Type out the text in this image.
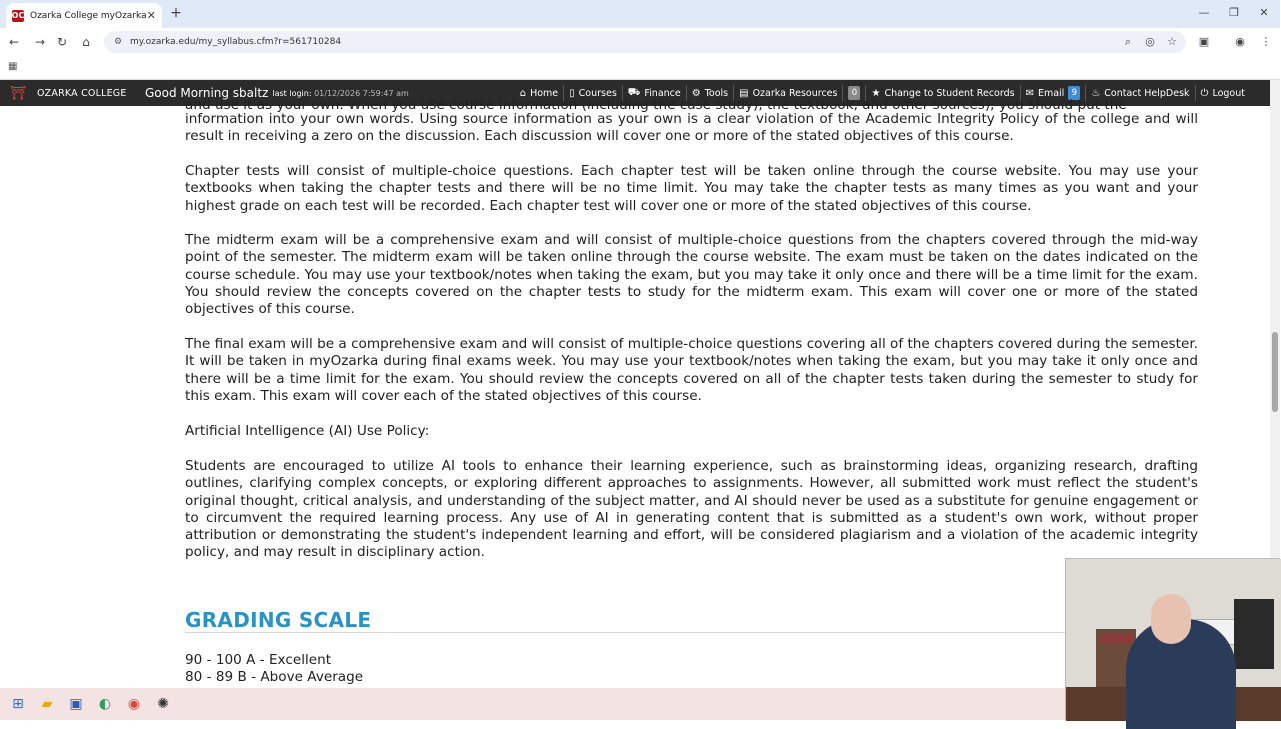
OC Ozarka College myOzarka ✕ +	—	❐	✕
← → ↻	⌂	⚙ my.ozarka.edu/my_syllabus.cfm?r=561710284	⌕	◎ ☆ ▣ ◉ ⋮
▦
⛩ OZARKA COLLEGE	Good Morning sbaltz last login: 01/12/2026 7:59:47 am	⌂ Home ▯ Courses ⛟ Finance ⚙ Tools ▤ Ozarka Resources	0	★ Change to Student Records ✉ Email 9	♨ Contact HelpDesk ⏻ Logout
and use it as your own. When you use course information (including the case study), the textbook, and other sources), you should put the

information into your own words. Using source information as your own is a clear violation of the Academic Integrity Policy of the college and will result in receiving a zero on the discussion. Each discussion will cover one or more of the stated objectives of this course.

Chapter tests will consist of multiple-choice questions. Each chapter test will be taken online through the course website. You may use your textbooks when taking the chapter tests and there will be no time limit. You may take the chapter tests as many times as you want and your highest grade on each test will be recorded. Each chapter test will cover one or more of the stated objectives of this course.

The midterm exam will be a comprehensive exam and will consist of multiple-choice questions from the chapters covered through the mid-way point of the semester. The midterm exam will be taken online through the course website. The exam must be taken on the dates indicated on the course schedule. You may use your textbook/notes when taking the exam, but you may take it only once and there will be a time limit for the exam. You should review the concepts covered on the chapter tests to study for the midterm exam. This exam will cover one or more of the stated objectives of this course.

The final exam will be a comprehensive exam and will consist of multiple-choice questions covering all of the chapters covered during the semester. It will be taken in myOzarka during final exams week. You may use your textbook/notes when taking the exam, but you may take it only once and there will be a time limit for the exam. You should review the concepts covered on all of the chapter tests taken during the semester to study for this exam. This exam will cover each of the stated objectives of this course.

Artificial Intelligence (AI) Use Policy:

Students are encouraged to utilize AI tools to enhance their learning experience, such as brainstorming ideas, organizing research, drafting outlines, clarifying complex concepts, or exploring different approaches to assignments. However, all submitted work must reflect the student's original thought, critical analysis, and understanding of the subject matter, and AI should never be used as a substitute for genuine engagement or to circumvent the required learning process. Any use of AI in generating content that is submitted as a student's own work, without proper attribution or demonstrating the student's independent learning and effort, will be considered plagiarism and a violation of the academic integrity policy, and may result in disciplinary action.

GRADING SCALE
90 - 100 A - Excellent
80 - 89 B - Above Average
⊞	▰	▣	◐	◉	✺
